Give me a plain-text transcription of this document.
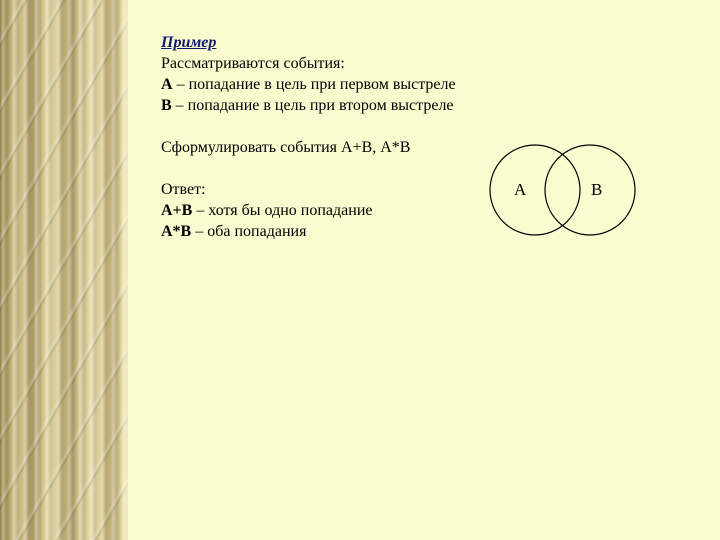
Пример
Рассматриваются события:
А – попадание в цель при первом выстреле
В – попадание в цель при втором выстреле
Сформулировать события А+В, А*В
Ответ:
А+В – хотя бы одно попадание
А*В – оба попадания
А	В
